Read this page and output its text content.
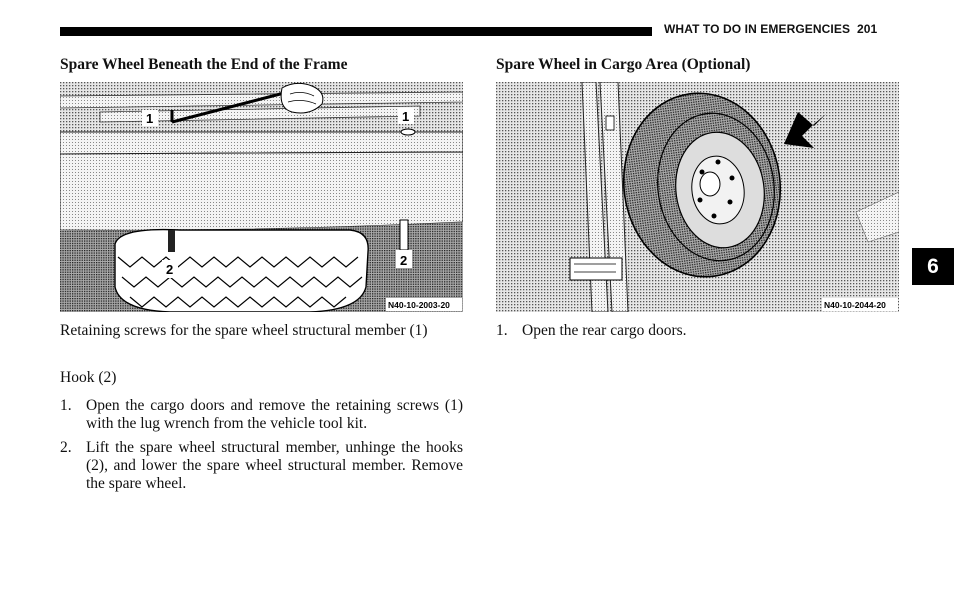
WHAT TO DO IN EMERGENCIES 201
Spare Wheel Beneath the End of the Frame
1	1
2
2
N40-10-2003-20
Retaining screws for the spare wheel structural member (1)
Hook (2)
1. Open the cargo doors and remove the retaining screws (1) with the lug wrench from the vehicle tool kit.
2. Lift the spare wheel structural member, unhinge the hooks (2), and lower the spare wheel structural member. Remove the spare wheel.
Spare Wheel in Cargo Area (Optional)
N40-10-2044-20
1. Open the rear cargo doors.
6
